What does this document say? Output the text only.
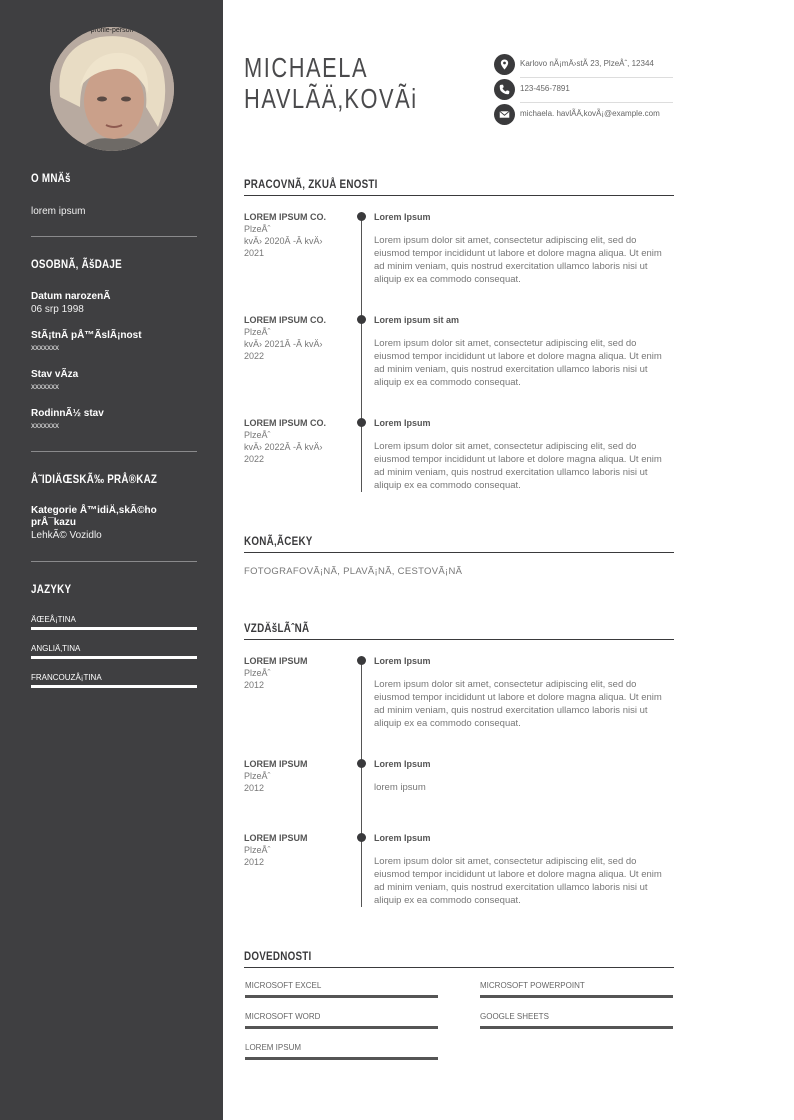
profile-person
O MNÄš
lorem ipsum
OSOBNÃ‚ ÃšDAJE
Datum narozenÃ
06 srp 1998
StÃ¡tnÃ pÅ™ÃslÃ¡nost
xxxxxxx
Stav vÃza
xxxxxxx
RodinnÃ½ stav
xxxxxxx
Å˜IDIÄŒSKÃ‰ PRÅ®KAZ
Kategorie Å™idiÄ‚skÃ©ho
prÅ¯kazu
LehkÃ© Vozidlo
JAZYKY
ÄŒEÅ¡TINA
ANGLIÄ‚TINA
FRANCOUZÅ¡TINA
MICHAELA
HAVLÃÄ‚KOVÃi
Karlovo nÃ¡mÄ›stÃ 23, PlzeÅˆ, 12344
123-456-7891
michaela. havlÃÄ‚kovÃ¡@example.com
PRACOVNÃ‚ ZKUÅ ENOSTI
LOREM IPSUM CO.
PlzeÅˆ
kvÄ› 2020Â -Â kvÄ›
2021
Lorem Ipsum
Lorem ipsum dolor sit amet, consectetur adipiscing elit, sed do eiusmod tempor incididunt ut labore et dolore magna aliqua. Ut enim ad minim veniam, quis nostrud exercitation ullamco laboris nisi ut aliquip ex ea commodo consequat.
LOREM IPSUM CO.
PlzeÅˆ
kvÄ› 2021Â -Â kvÄ›
2022
Lorem ipsum sit am
Lorem ipsum dolor sit amet, consectetur adipiscing elit, sed do eiusmod tempor incididunt ut labore et dolore magna aliqua. Ut enim ad minim veniam, quis nostrud exercitation ullamco laboris nisi ut aliquip ex ea commodo consequat.
LOREM IPSUM CO.
PlzeÅˆ
kvÄ› 2022Â -Â kvÄ›
2022
Lorem Ipsum
Lorem ipsum dolor sit amet, consectetur adipiscing elit, sed do eiusmod tempor incididunt ut labore et dolore magna aliqua. Ut enim ad minim veniam, quis nostrud exercitation ullamco laboris nisi ut aliquip ex ea commodo consequat.
KONÃ‚ÃCEKY
FOTOGRAFOVÃ¡NÃ, PLAVÃ¡NÃ, CESTOVÃ¡NÃ
VZDÄšLÃˆNÃ
LOREM IPSUM
PlzeÅˆ
2012
Lorem Ipsum
Lorem ipsum dolor sit amet, consectetur adipiscing elit, sed do eiusmod tempor incididunt ut labore et dolore magna aliqua. Ut enim ad minim veniam, quis nostrud exercitation ullamco laboris nisi ut aliquip ex ea commodo consequat.
LOREM IPSUM
PlzeÅˆ
2012
Lorem Ipsum
lorem ipsum
LOREM IPSUM
PlzeÅˆ
2012
Lorem Ipsum
Lorem ipsum dolor sit amet, consectetur adipiscing elit, sed do eiusmod tempor incididunt ut labore et dolore magna aliqua. Ut enim ad minim veniam, quis nostrud exercitation ullamco laboris nisi ut aliquip ex ea commodo consequat.
DOVEDNOSTI
MICROSOFT EXCEL	MICROSOFT POWERPOINT
MICROSOFT WORD	GOOGLE SHEETS
LOREM IPSUM
